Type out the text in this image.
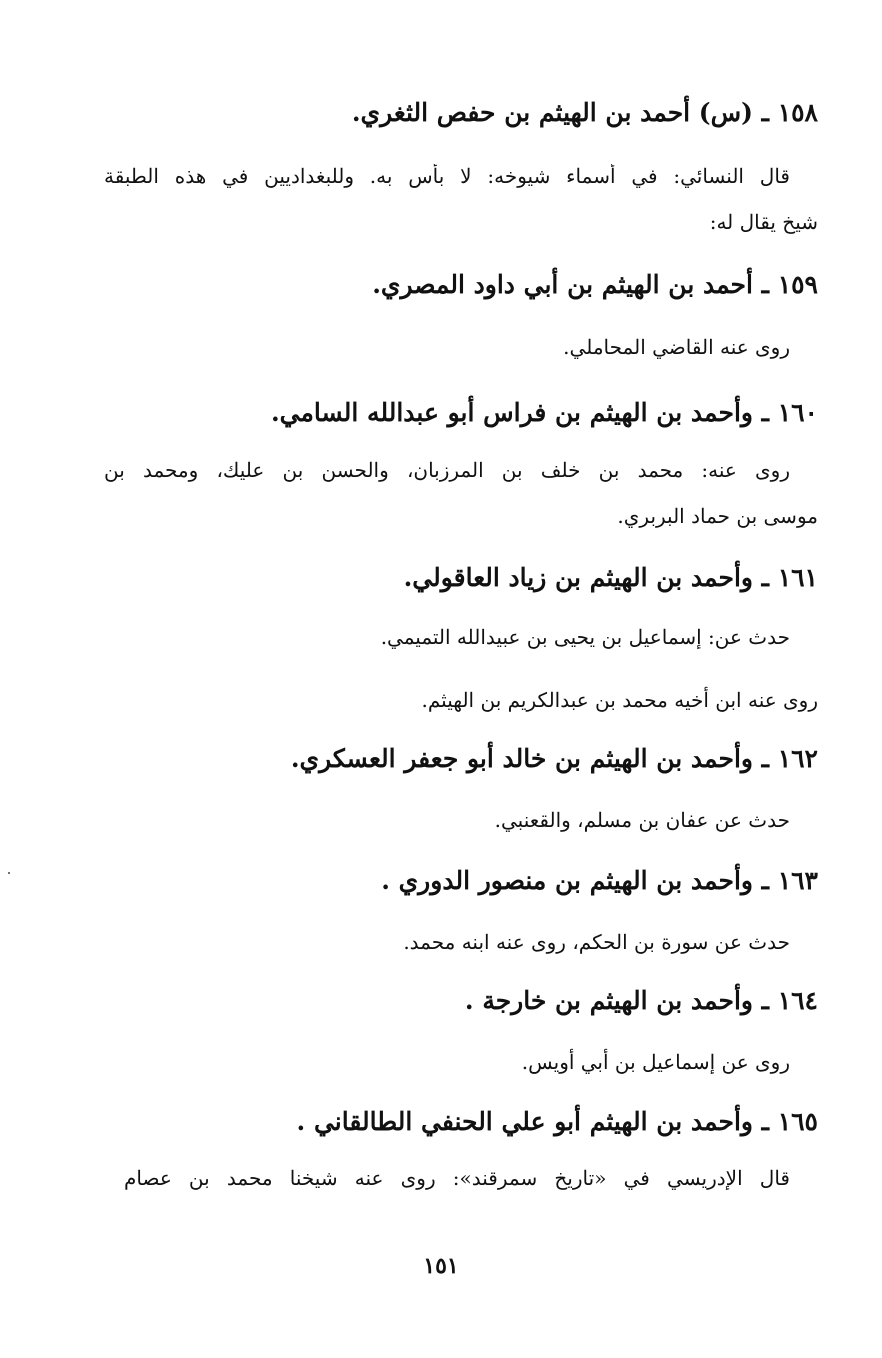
١٥٨ ـ (س) أحمد بن الهيثم بن حفص الثغري.
قال النسائي: في أسماء شيوخه: لا بأس به. وللبغداديين في هذه الطبقة
شيخ يقال له:
١٥٩ ـ أحمد بن الهيثم بن أبي داود المصري.
روى عنه القاضي المحاملي.
١٦٠ ـ وأحمد بن الهيثم بن فراس أبو عبدالله السامي.
روى عنه: محمد بن خلف بن المرزبان، والحسن بن عليك، ومحمد بن
موسى بن حماد البربري.
١٦١ ـ وأحمد بن الهيثم بن زياد العاقولي.
حدث عن: إسماعيل بن يحيى بن عبيدالله التميمي.
روى عنه ابن أخيه محمد بن عبدالكريم بن الهيثم.
١٦٢ ـ وأحمد بن الهيثم بن خالد أبو جعفر العسكري.
حدث عن عفان بن مسلم، والقعنبي.
١٦٣ ـ وأحمد بن الهيثم بن منصور الدوري .
حدث عن سورة بن الحكم، روى عنه ابنه محمد.
١٦٤ ـ وأحمد بن الهيثم بن خارجة .
روى عن إسماعيل بن أبي أويس.
١٦٥ ـ وأحمد بن الهيثم أبو علي الحنفي الطالقاني .
قال الإدريسي في «تاريخ سمرقند»: روى عنه شيخنا محمد بن عصام
١٥١
